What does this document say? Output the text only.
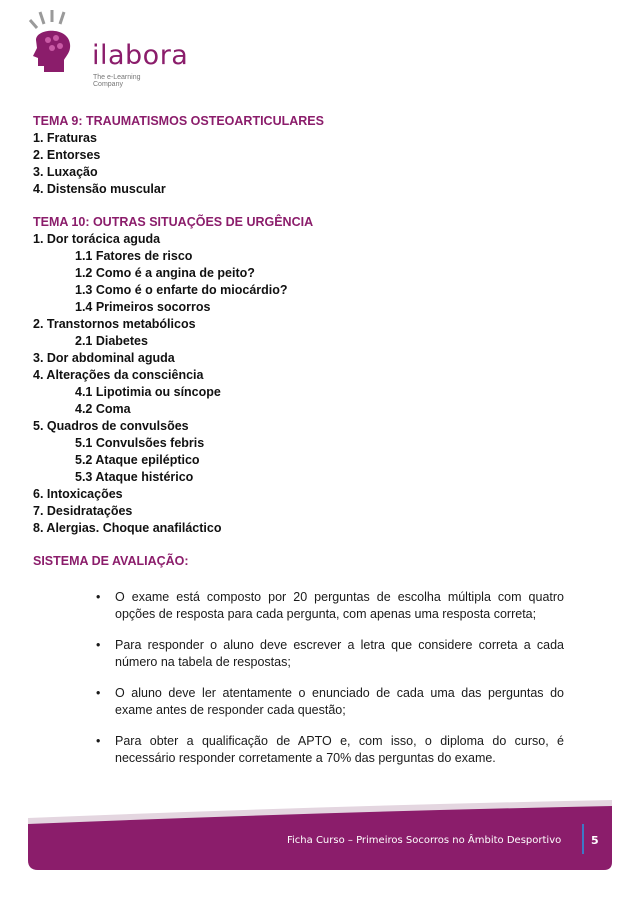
ilabora
The e-Learning Company
TEMA 9: TRAUMATISMOS OSTEOARTICULARES
1. Fraturas
2. Entorses
3. Luxação
4. Distensão muscular
TEMA 10: OUTRAS SITUAÇÕES DE URGÊNCIA
1. Dor torácica aguda
1.1 Fatores de risco
1.2 Como é a angina de peito?
1.3 Como é o enfarte do miocárdio?
1.4 Primeiros socorros
2. Transtornos metabólicos
2.1 Diabetes
3. Dor abdominal aguda
4. Alterações da consciência
4.1 Lipotimia ou síncope
4.2 Coma
5. Quadros de convulsões
5.1 Convulsões febris
5.2 Ataque epiléptico
5.3 Ataque histérico
6. Intoxicações
7. Desidratações
8. Alergias. Choque anafiláctico
SISTEMA DE AVALIAÇÃO:
• O exame está composto por 20 perguntas de escolha múltipla com quatro opções de resposta para cada pergunta, com apenas uma resposta correta;
• Para responder o aluno deve escrever a letra que considere correta a cada número na tabela de respostas;
• O aluno deve ler atentamente o enunciado de cada uma das perguntas do exame antes de responder cada questão;
• Para obter a qualificação de APTO e, com isso, o diploma do curso, é necessário responder corretamente a 70% das perguntas do exame.
Ficha Curso – Primeiros Socorros no Âmbito Desportivo	5
